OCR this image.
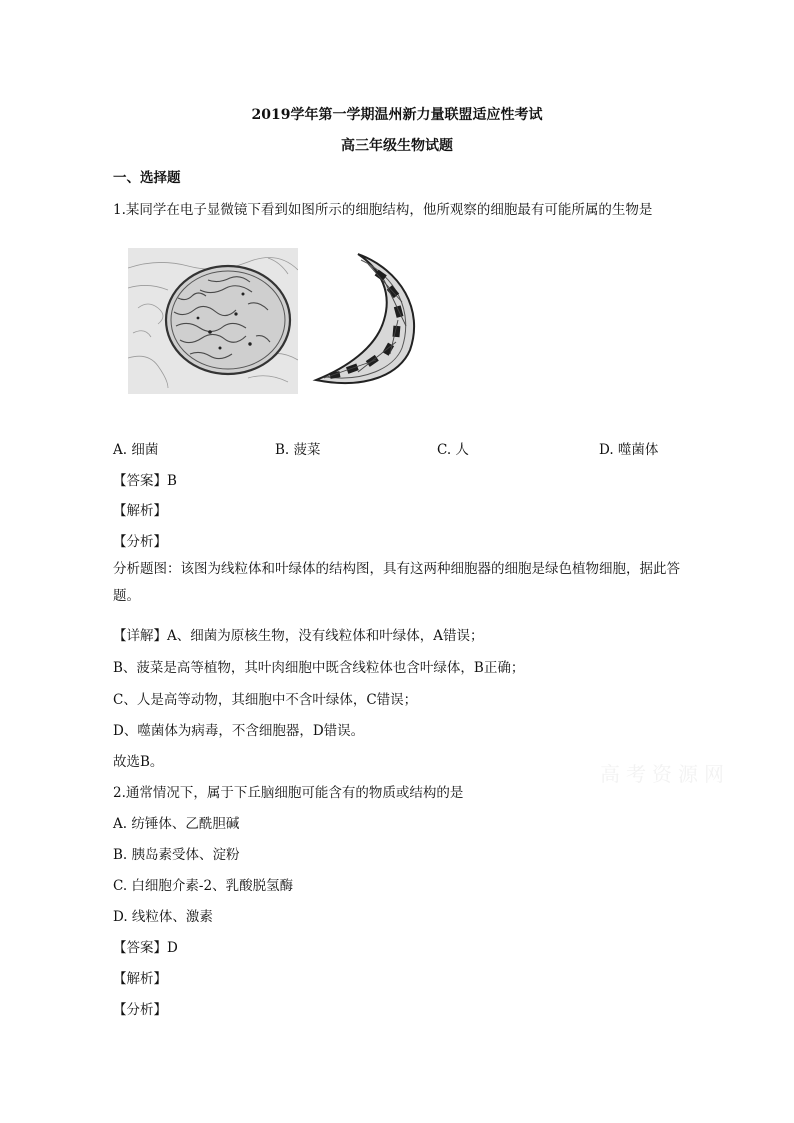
2019学年第一学期温州新力量联盟适应性考试
高三年级生物试题
一、选择题
1.某同学在电子显微镜下看到如图所示的细胞结构，他所观察的细胞最有可能所属的生物是
A. 细菌	B. 菠菜	C. 人	D. 噬菌体
【答案】B
【解析】
【分析】
分析题图：该图为线粒体和叶绿体的结构图，具有这两种细胞器的细胞是绿色植物细胞，据此答题。
【详解】A、细菌为原核生物，没有线粒体和叶绿体，A错误；
B、菠菜是高等植物，其叶肉细胞中既含线粒体也含叶绿体，B正确；
C、人是高等动物，其细胞中不含叶绿体，C错误；
D、噬菌体为病毒，不含细胞器，D错误。
故选B。	高考资源网
2.通常情况下，属于下丘脑细胞可能含有的物质或结构的是
A. 纺锤体、乙酰胆碱
B. 胰岛素受体、淀粉
C. 白细胞介素-2、乳酸脱氢酶
D. 线粒体、激素
【答案】D
【解析】
【分析】
